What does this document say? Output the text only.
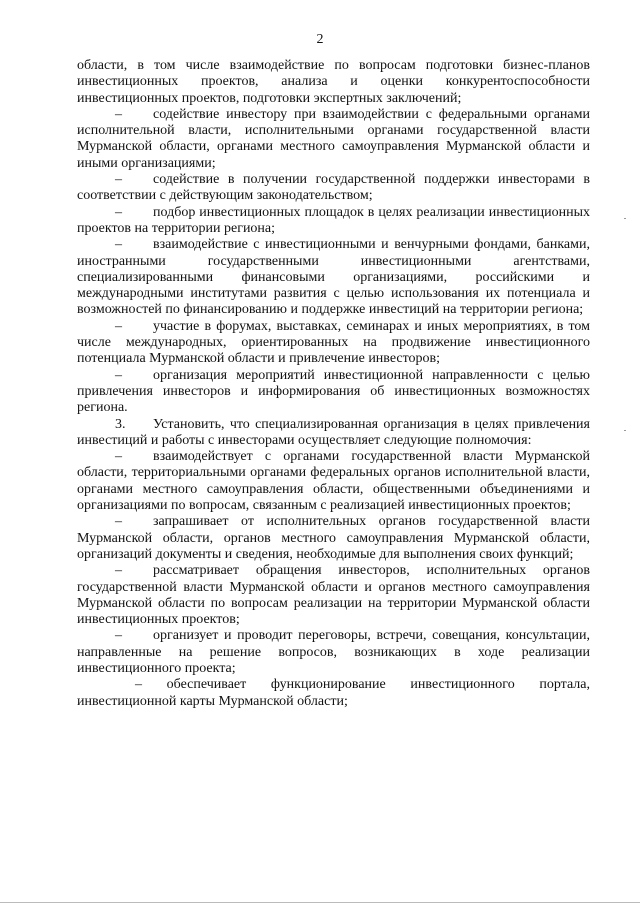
2

области, в том числе взаимодействие по вопросам подготовки бизнес-планов инвестиционных проектов, анализа и оценки конкурентоспособности инвестиционных проектов, подготовки экспертных заключений;

– содействие инвестору при взаимодействии с федеральными органами исполнительной власти, исполнительными органами государственной власти Мурманской области, органами местного самоуправления Мурманской области и иными организациями;

– содействие в получении государственной поддержки инвесторами в соответствии с действующим законодательством;

– подбор инвестиционных площадок в целях реализации инвестиционных проектов на территории региона;

– взаимодействие с инвестиционными и венчурными фондами, банками, иностранными государственными инвестиционными агентствами, специализированными финансовыми организациями, российскими и международными институтами развития с целью использования их потенциала и возможностей по финансированию и поддержке инвестиций на территории региона;

– участие в форумах, выставках, семинарах и иных мероприятиях, в том числе международных, ориентированных на продвижение инвестиционного потенциала Мурманской области и привлечение инвесторов;

– организация мероприятий инвестиционной направленности с целью привлечения инвесторов и информирования об инвестиционных возможностях региона.

3. Установить, что специализированная организация в целях привлечения инвестиций и работы с инвесторами осуществляет следующие полномочия:

– взаимодействует с органами государственной власти Мурманской области, территориальными органами федеральных органов исполнительной власти, органами местного самоуправления области, общественными объединениями и организациями по вопросам, связанным с реализацией инвестиционных проектов;

– запрашивает от исполнительных органов государственной власти Мурманской области, органов местного самоуправления Мурманской области, организаций документы и сведения, необходимые для выполнения своих функций;

– рассматривает обращения инвесторов, исполнительных органов государственной власти Мурманской области и органов местного самоуправления Мурманской области по вопросам реализации на территории Мурманской области инвестиционных проектов;

– организует и проводит переговоры, встречи, совещания, консультации, направленные на решение вопросов, возникающих в ходе реализации инвестиционного проекта;

– обеспечивает функционирование инвестиционного портала, инвестиционной карты Мурманской области;
